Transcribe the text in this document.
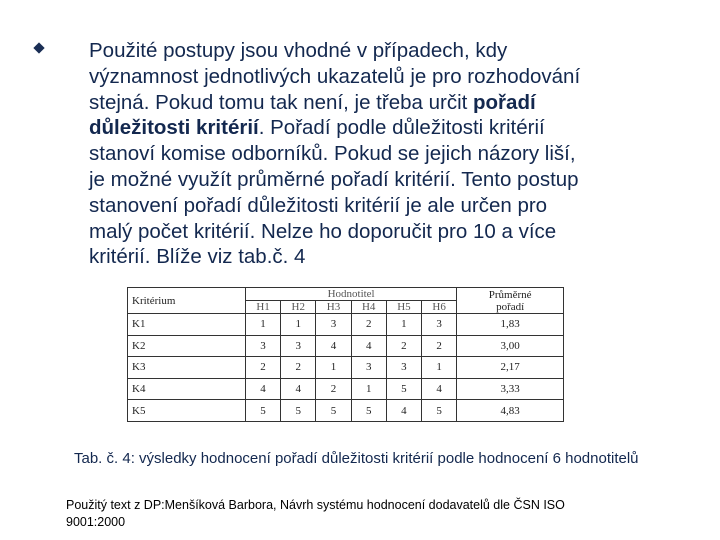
Použité postupy jsou vhodné v případech, kdy
významnost jednotlivých ukazatelů je pro rozhodování
stejná. Pokud tomu tak není, je třeba určit pořadí
důležitosti kritérií. Pořadí podle důležitosti kritérií
stanoví komise odborníků. Pokud se jejich názory liší,
je možné využít průměrné pořadí kritérií. Tento postup
stanovení pořadí důležitosti kritérií je ale určen pro
malý počet kritérií. Nelze ho doporučit pro 10 a více
kritérií. Blíže viz tab.č. 4
Kritérium	Hodnotitel						Průměrné
pořadí
	H1	H2	H3	H4	H5	H6	
K1	1	1	3	2	1	3	1,83
K2	3	3	4	4	2	2	3,00
K3	2	2	1	3	3	1	2,17
K4	4	4	2	1	5	4	3,33
K5	5	5	5	5	4	5	4,83
Tab. č. 4: výsledky hodnocení pořadí důležitosti kritérií podle hodnocení 6 hodnotitelů
Použitý text z DP:Menšíková Barbora, Návrh systému hodnocení dodavatelů dle ČSN ISO 9001:2000
